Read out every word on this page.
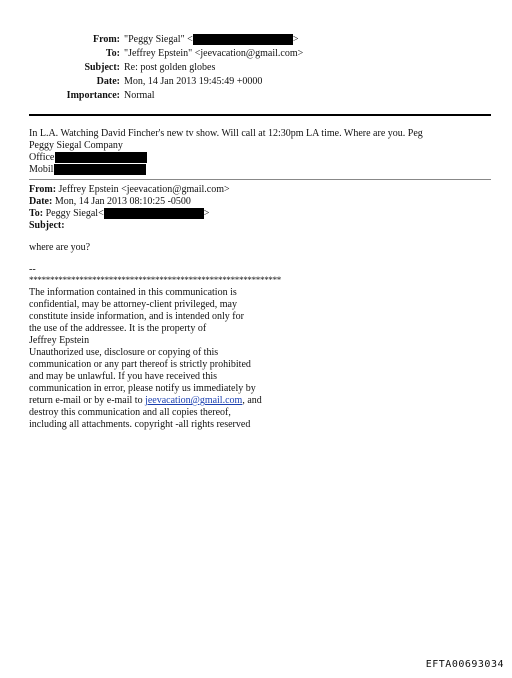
From: "Peggy Siegal" <	>
To: "Jeffrey Epstein" <jeevacation@gmail.com>
Subject: Re: post golden globes
Date: Mon, 14 Jan 2013 19:45:49 +0000
Importance: Normal
In L.A. Watching David Fincher's new tv show. Will call at 12:30pm LA time. Where are you. Peg
Peggy Siegal Company
Office
Mobil
From: Jeffrey Epstein <jeevacation@gmail.com>
Date: Mon, 14 Jan 2013 08:10:25 -0500
To: Peggy Siegal<	>
Subject:
where are you?
--
************************************************************
The information contained in this communication is
confidential, may be attorney-client privileged, may
constitute inside information, and is intended only for
the use of the addressee. It is the property of
Jeffrey Epstein
Unauthorized use, disclosure or copying of this
communication or any part thereof is strictly prohibited
and may be unlawful. If you have received this
communication in error, please notify us immediately by
return e-mail or by e-mail to jeevacation@gmail.com, and
destroy this communication and all copies thereof,
including all attachments. copyright -all rights reserved
EFTA00693034
